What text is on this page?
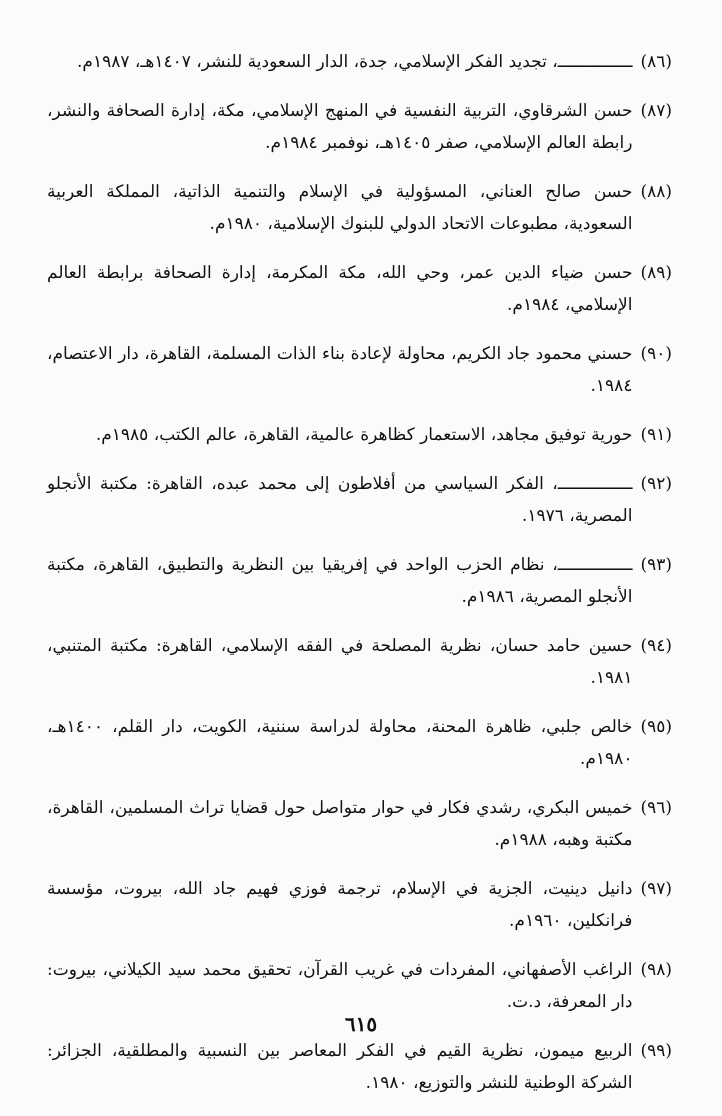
(٨٦)
ـــــــــــــــ، تجديد الفكر الإسلامي، جدة، الدار السعودية للنشر، ١٤٠٧هـ، ١٩٨٧م.
(٨٧)
حسن الشرقاوي، التربية النفسية في المنهج الإسلامي، مكة، إدارة الصحافة والنشر، رابطة العالم الإسلامي، صفر ١٤٠٥هـ، نوفمبر ١٩٨٤م.
(٨٨)
حسن صالح العناني، المسؤولية في الإسلام والتنمية الذاتية، المملكة العربية السعودية، مطبوعات الاتحاد الدولي للبنوك الإسلامية، ١٩٨٠م.
(٨٩)
حسن ضياء الدين عمر، وحي الله، مكة المكرمة، إدارة الصحافة برابطة العالم الإسلامي، ١٩٨٤م.
(٩٠)
حسني محمود جاد الكريم، محاولة لإعادة بناء الذات المسلمة، القاهرة، دار الاعتصام، ١٩٨٤.
(٩١)
حورية توفيق مجاهد، الاستعمار كظاهرة عالمية، القاهرة، عالم الكتب، ١٩٨٥م.
(٩٢)
ـــــــــــــــ، الفكر السياسي من أفلاطون إلى محمد عبده، القاهرة: مكتبة الأنجلو المصرية، ١٩٧٦.
(٩٣)
ـــــــــــــــ، نظام الحزب الواحد في إفريقيا بين النظرية والتطبيق، القاهرة، مكتبة الأنجلو المصرية، ١٩٨٦م.
(٩٤)
حسين حامد حسان، نظرية المصلحة في الفقه الإسلامي، القاهرة: مكتبة المتنبي، ١٩٨١.
(٩٥)
خالص جلبي، ظاهرة المحنة، محاولة لدراسة سننية، الكويت، دار القلم، ١٤٠٠هـ، ١٩٨٠م.
(٩٦)
خميس البكري، رشدي فكار في حوار متواصل حول قضايا تراث المسلمين، القاهرة، مكتبة وهبه، ١٩٨٨م.
(٩٧)
دانيل دينيت، الجزية في الإسلام، ترجمة فوزي فهيم جاد الله، بيروت، مؤسسة فرانكلين، ١٩٦٠م.
(٩٨)
الراغب الأصفهاني، المفردات في غريب القرآن، تحقيق محمد سيد الكيلاني، بيروت: دار المعرفة، د.ت.
(٩٩)
الربيع ميمون، نظرية القيم في الفكر المعاصر بين النسبية والمطلقية، الجزائر: الشركة الوطنية للنشر والتوزيع، ١٩٨٠.
٦١٥
